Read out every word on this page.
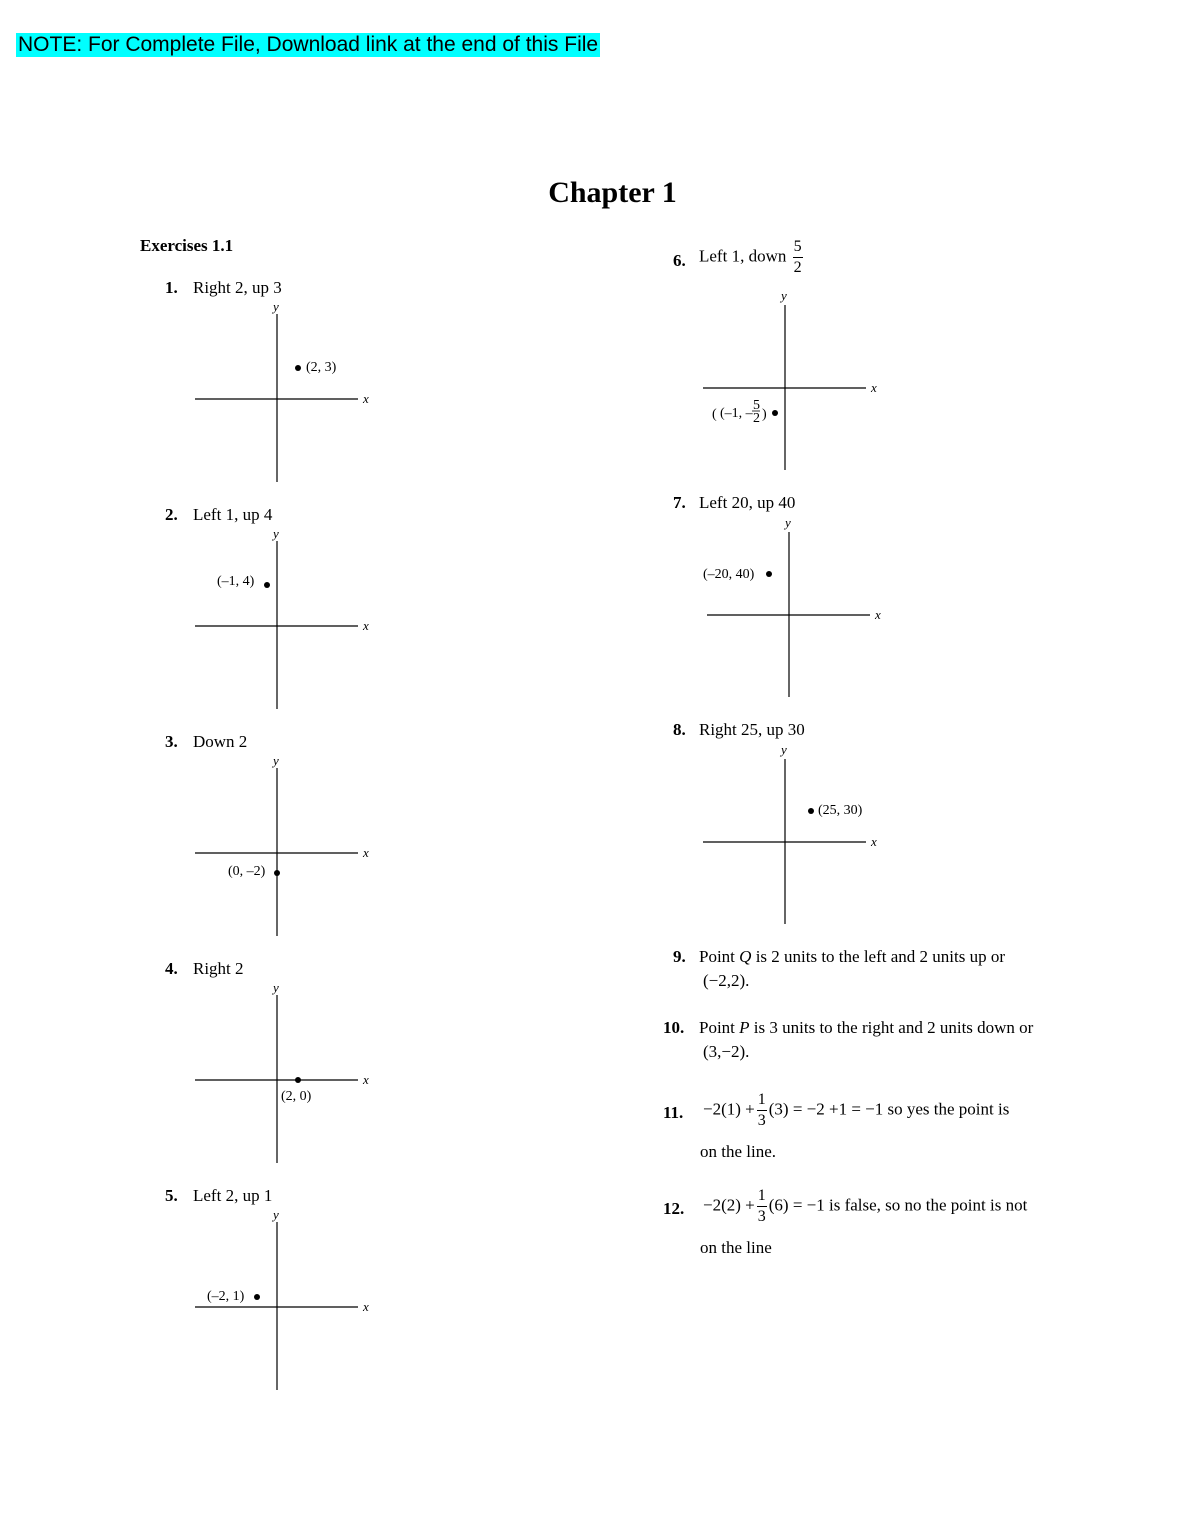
NOTE: For Complete File, Download link at the end of this File
Chapter 1
Exercises 1.1
1. Right 2, up 3
x
y
(2, 3)
2. Left 1, up 4
x
y
(–1, 4)
3. Down 2
x
y
(0, –2)
4. Right 2
x
y
(2, 0)
5. Left 2, up 1
x
y
(–2, 1)
6. Left 1, down $\frac{5}{2}$
x
y
( (–1, –
5
2 )
7. Left 20, up 40
x
y
(–20, 40)
8. Right 25, up 30
x
y
(25, 30)
9. Point Q is 2 units to the left and 2 units up or
(−2,2).
10. Point P is 3 units to the right and 2 units down or
(3,−2).
11. $-2(1) + \frac{1}{3} (3) = -2 +1 = -1$ so yes the point is
on the line.
12. $-2(2) + \frac{1}{3} (6) = -1$ is false, so no the point is not
on the line
